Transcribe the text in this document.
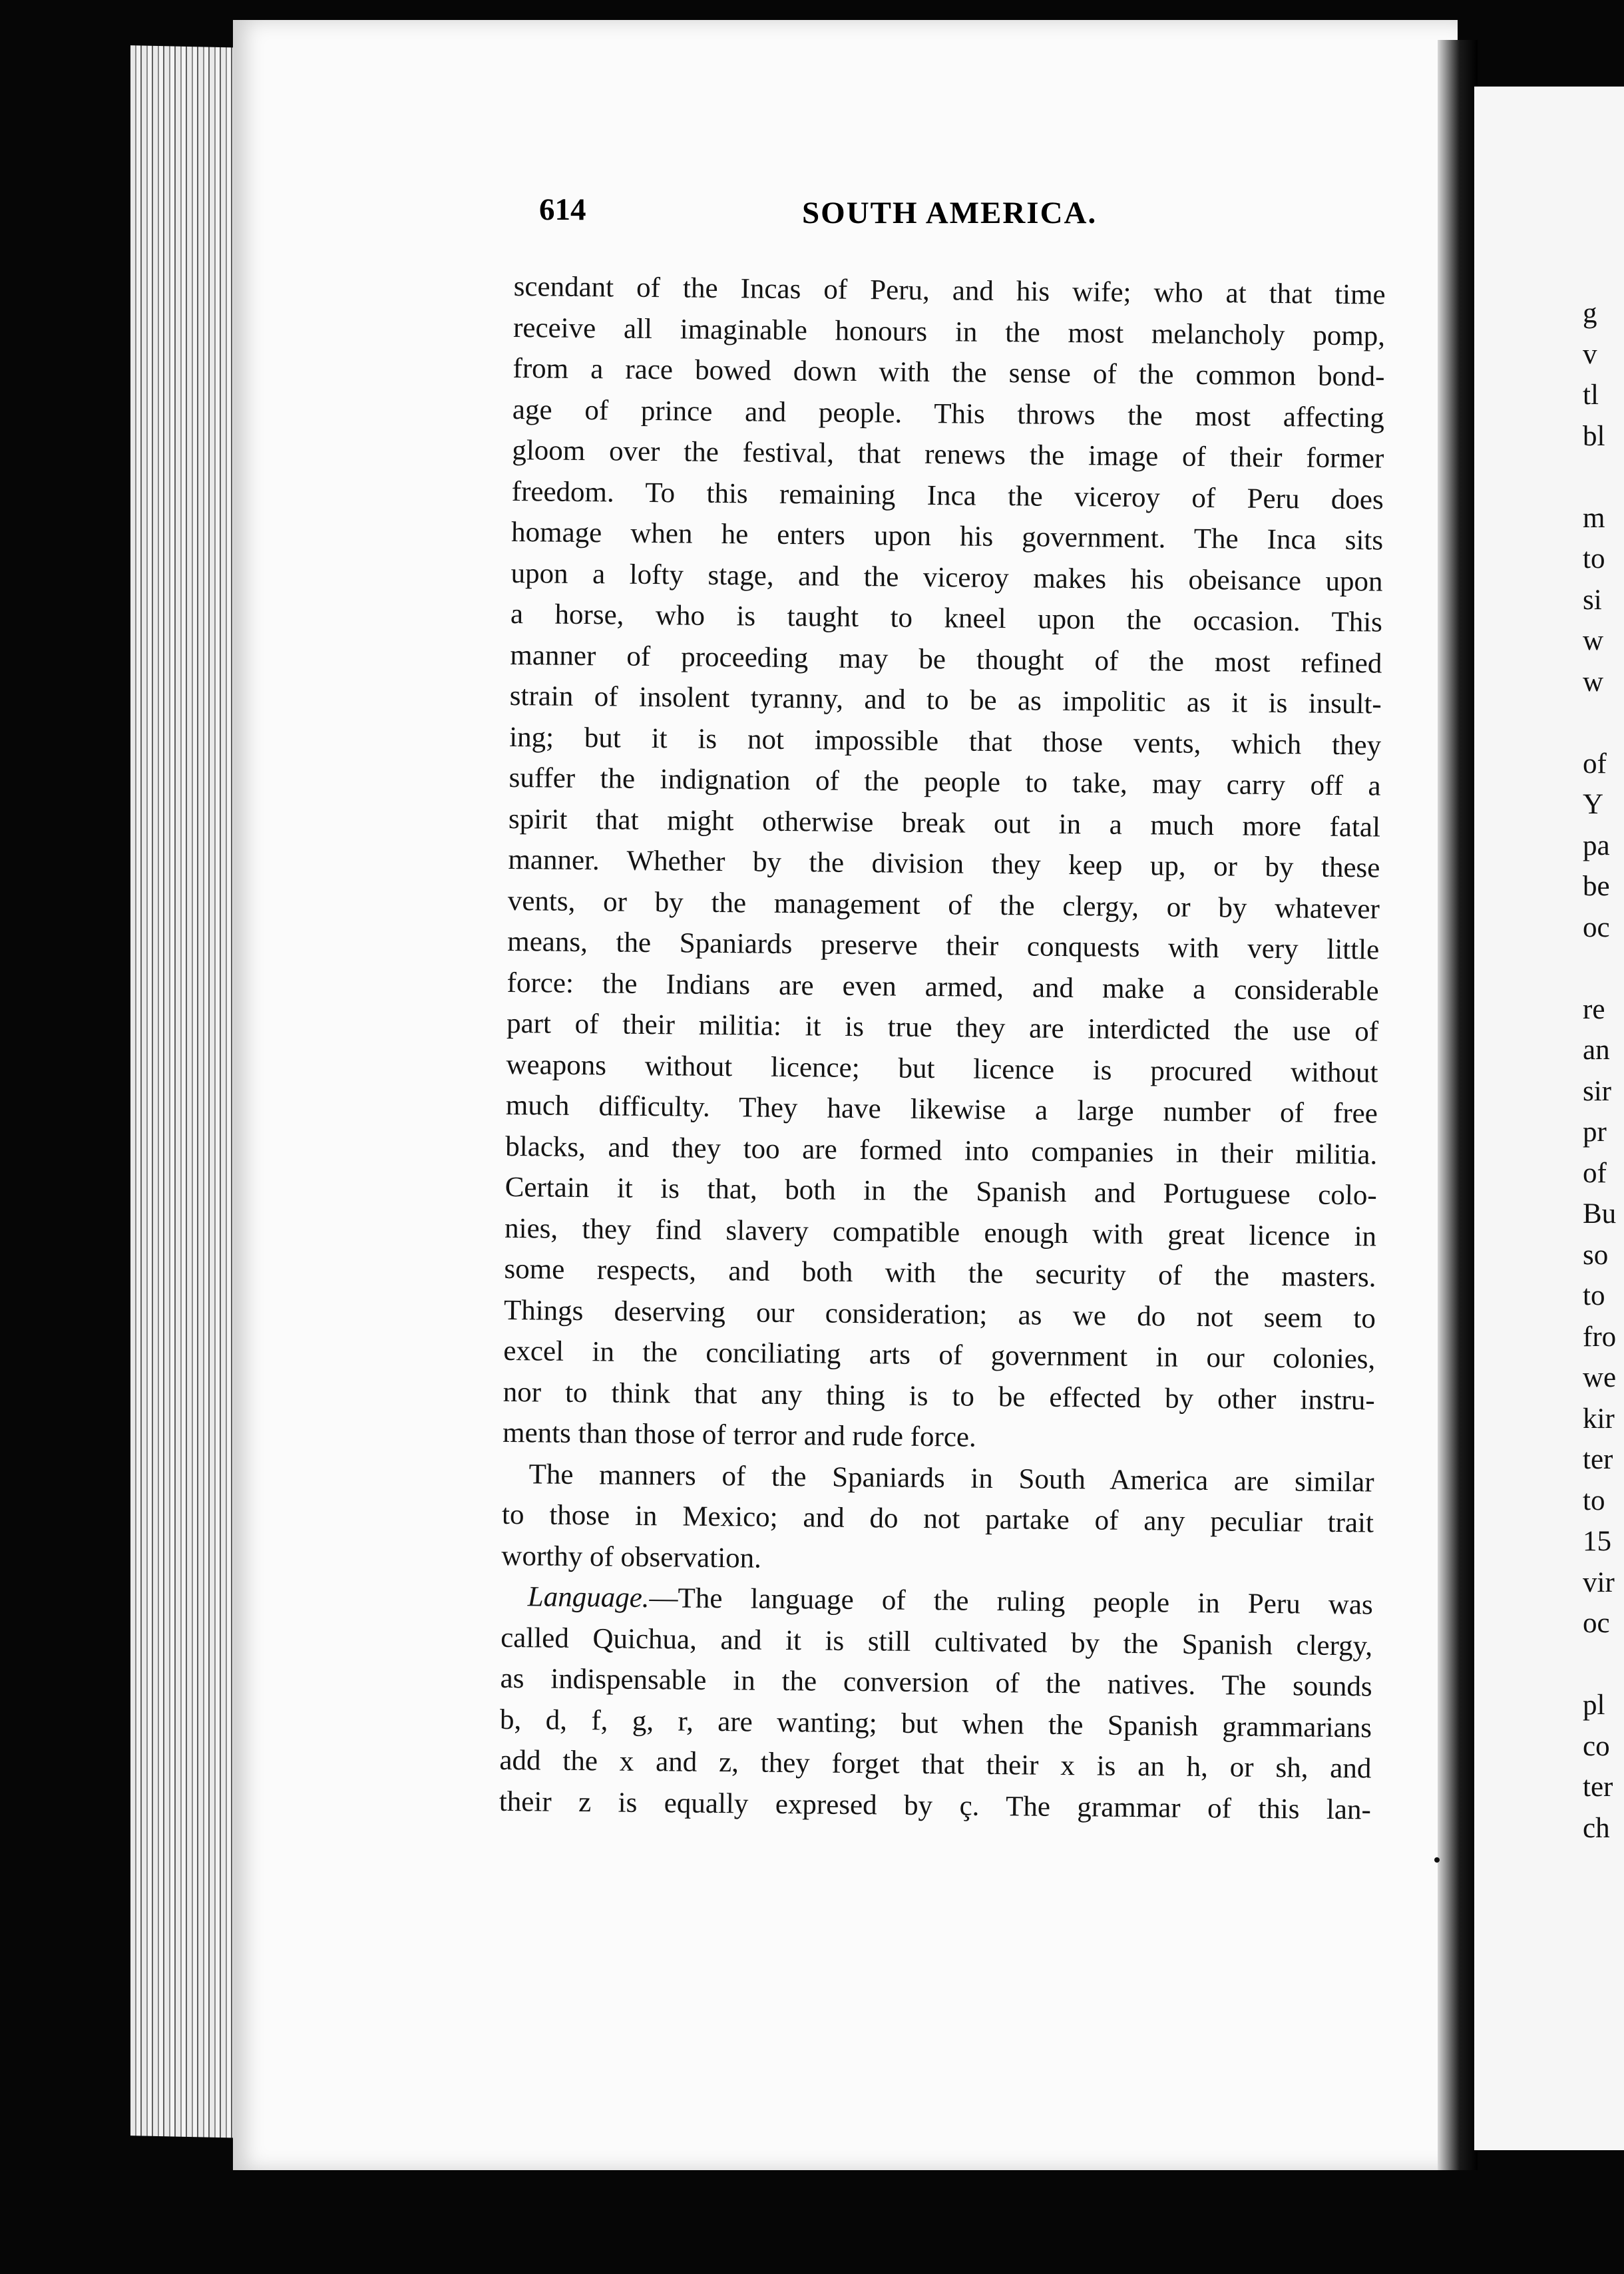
614	SOUTH AMERICA.
scendant of the Incas of Peru, and his wife; who at that time
receive all imaginable honours in the most melancholy pomp,
from a race bowed down with the sense of the common bond-
age of prince and people. This throws the most affecting
gloom over the festival, that renews the image of their former
freedom. To this remaining Inca the viceroy of Peru does
homage when he enters upon his government. The Inca sits
upon a lofty stage, and the viceroy makes his obeisance upon
a horse, who is taught to kneel upon the occasion. This
manner of proceeding may be thought of the most refined
strain of insolent tyranny, and to be as impolitic as it is insult-
ing; but it is not impossible that those vents, which they
suffer the indignation of the people to take, may carry off a
spirit that might otherwise break out in a much more fatal
manner. Whether by the division they keep up, or by these
vents, or by the management of the clergy, or by whatever
means, the Spaniards preserve their conquests with very little
force: the Indians are even armed, and make a considerable
part of their militia: it is true they are interdicted the use of
weapons without licence; but licence is procured without
much difficulty. They have likewise a large number of free
blacks, and they too are formed into companies in their militia.
Certain it is that, both in the Spanish and Portuguese colo-
nies, they find slavery compatible enough with great licence in
some respects, and both with the security of the masters.
Things deserving our consideration; as we do not seem to
excel in the conciliating arts of government in our colonies,
nor to think that any thing is to be effected by other instru-
ments than those of terror and rude force.
The manners of the Spaniards in South America are similar
to those in Mexico; and do not partake of any peculiar trait
worthy of observation.
Language.—The language of the ruling people in Peru was
called Quichua, and it is still cultivated by the Spanish clergy,
as indispensable in the conversion of the natives. The sounds
b, d, f, g, r, are wanting; but when the Spanish grammarians
add the x and z, they forget that their x is an h, or sh, and
their z is equally expresed by ç. The grammar of this lan-
g
v
tl
bl

m
to
si
w
w

of
Y
pa
be
oc

re
an
sir
pr
of
Bu
so
to
fro
we
kir
ter
to
15
vir
oc

pl
co
ter
ch
